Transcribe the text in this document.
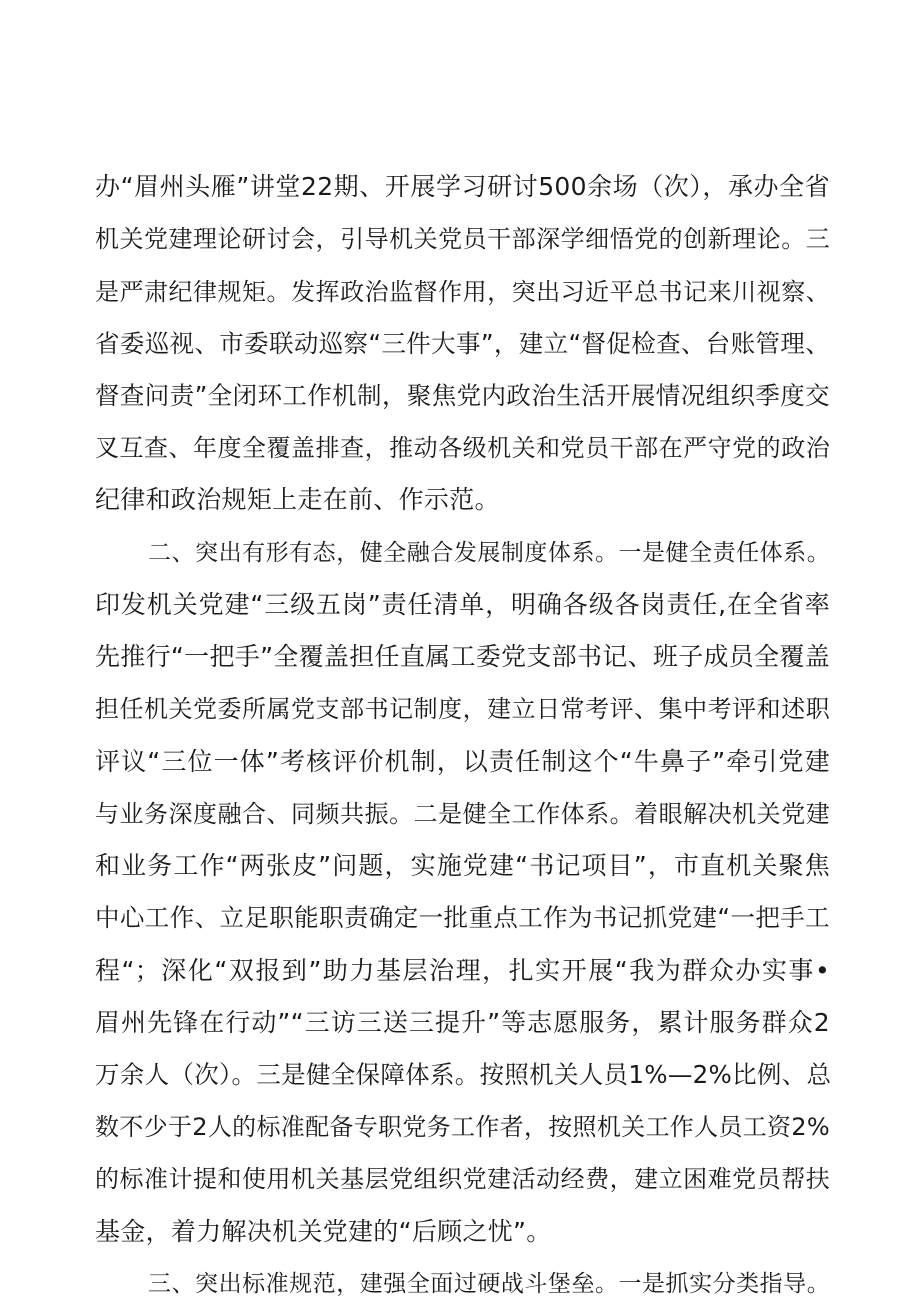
办“眉州头雁”讲堂22期、开展学习研讨500余场（次），承办全省
机关党建理论研讨会，引导机关党员干部深学细悟党的创新理论。三
是严肃纪律规矩。发挥政治监督作用，突出习近平总书记来川视察、
省委巡视、市委联动巡察“三件大事”，建立“督促检查、台账管理、
督查问责”全闭环工作机制，聚焦党内政治生活开展情况组织季度交
叉互查、年度全覆盖排查，推动各级机关和党员干部在严守党的政治
纪律和政治规矩上走在前、作示范。
二、突出有形有态，健全融合发展制度体系。一是健全责任体系。
印发机关党建“三级五岗”责任清单，明确各级各岗责任,在全省率
先推行“一把手”全覆盖担任直属工委党支部书记、班子成员全覆盖
担任机关党委所属党支部书记制度，建立日常考评、集中考评和述职
评议“三位一体”考核评价机制，以责任制这个“牛鼻子”牵引党建
与业务深度融合、同频共振。二是健全工作体系。着眼解决机关党建
和业务工作“两张皮”问题，实施党建“书记项目”，市直机关聚焦
中心工作、立足职能职责确定一批重点工作为书记抓党建“一把手工
程“；深化“双报到”助力基层治理，扎实开展“我为群众办实事•
眉州先锋在行动”“三访三送三提升”等志愿服务，累计服务群众2
万余人（次）。三是健全保障体系。按照机关人员1%—2%比例、总
数不少于2人的标准配备专职党务工作者，按照机关工作人员工资2%
的标准计提和使用机关基层党组织党建活动经费，建立困难党员帮扶
基金，着力解决机关党建的“后顾之忧”。
三、突出标准规范，建强全面过硬战斗堡垒。一是抓实分类指导。
